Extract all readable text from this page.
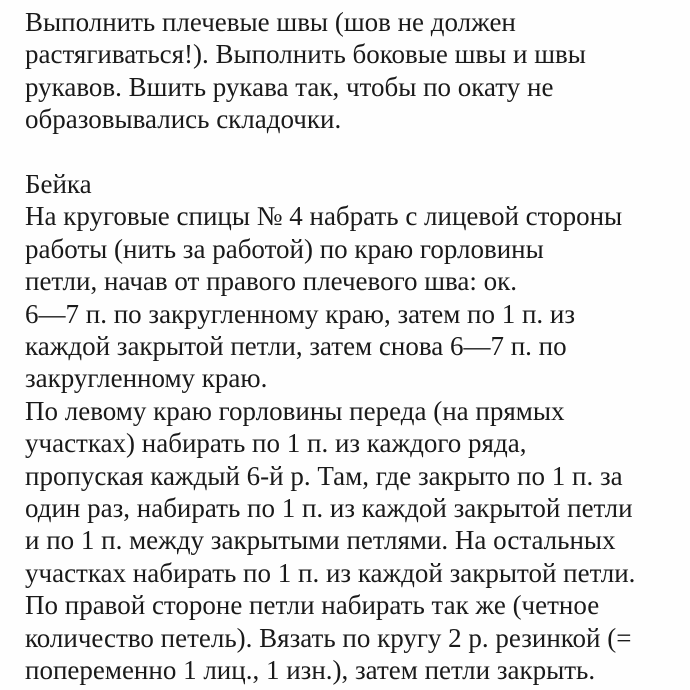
Выполнить плечевые швы (шов не должен
растягиваться!). Выполнить боковые швы и швы
рукавов. Вшить рукава так, чтобы по окату не
образовывались складочки.
Бейка
На круговые спицы № 4 набрать с лицевой стороны
работы (нить за работой) по краю горловины
петли, начав от правого плечевого шва: ок.
6—7 п. по закругленному краю, затем по 1 п. из
каждой закрытой петли, затем снова 6—7 п. по
закругленному краю.
По левому краю горловины переда (на прямых
участках) набирать по 1 п. из каждого ряда,
пропуская каждый 6-й р. Там, где закрыто по 1 п. за
один раз, набирать по 1 п. из каждой закрытой петли
и по 1 п. между закрытыми петлями. На остальных
участках набирать по 1 п. из каждой закрытой петли.
По правой стороне петли набирать так же (четное
количество петель). Вязать по кругу 2 р. резинкой (=
попеременно 1 лиц., 1 изн.), затем петли закрыть.
